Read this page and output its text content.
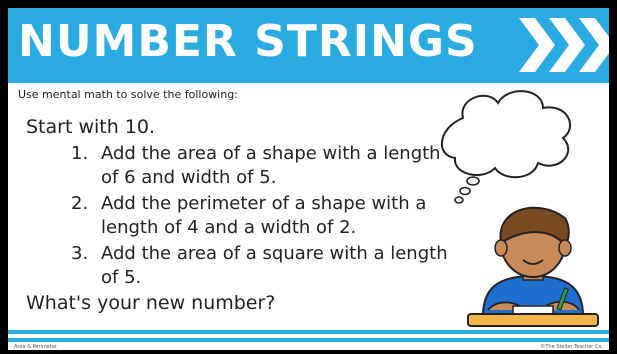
NUMBER STRINGS
Use mental math to solve the following:
Start with 10.
1. Add the area of a shape with a length of 6 and width of 5.
2. Add the perimeter of a shape with a length of 4 and a width of 2.
3. Add the area of a square with a length of 5.
What's your new number?
Area & Perimeter	©The Stellar Teacher Co.
